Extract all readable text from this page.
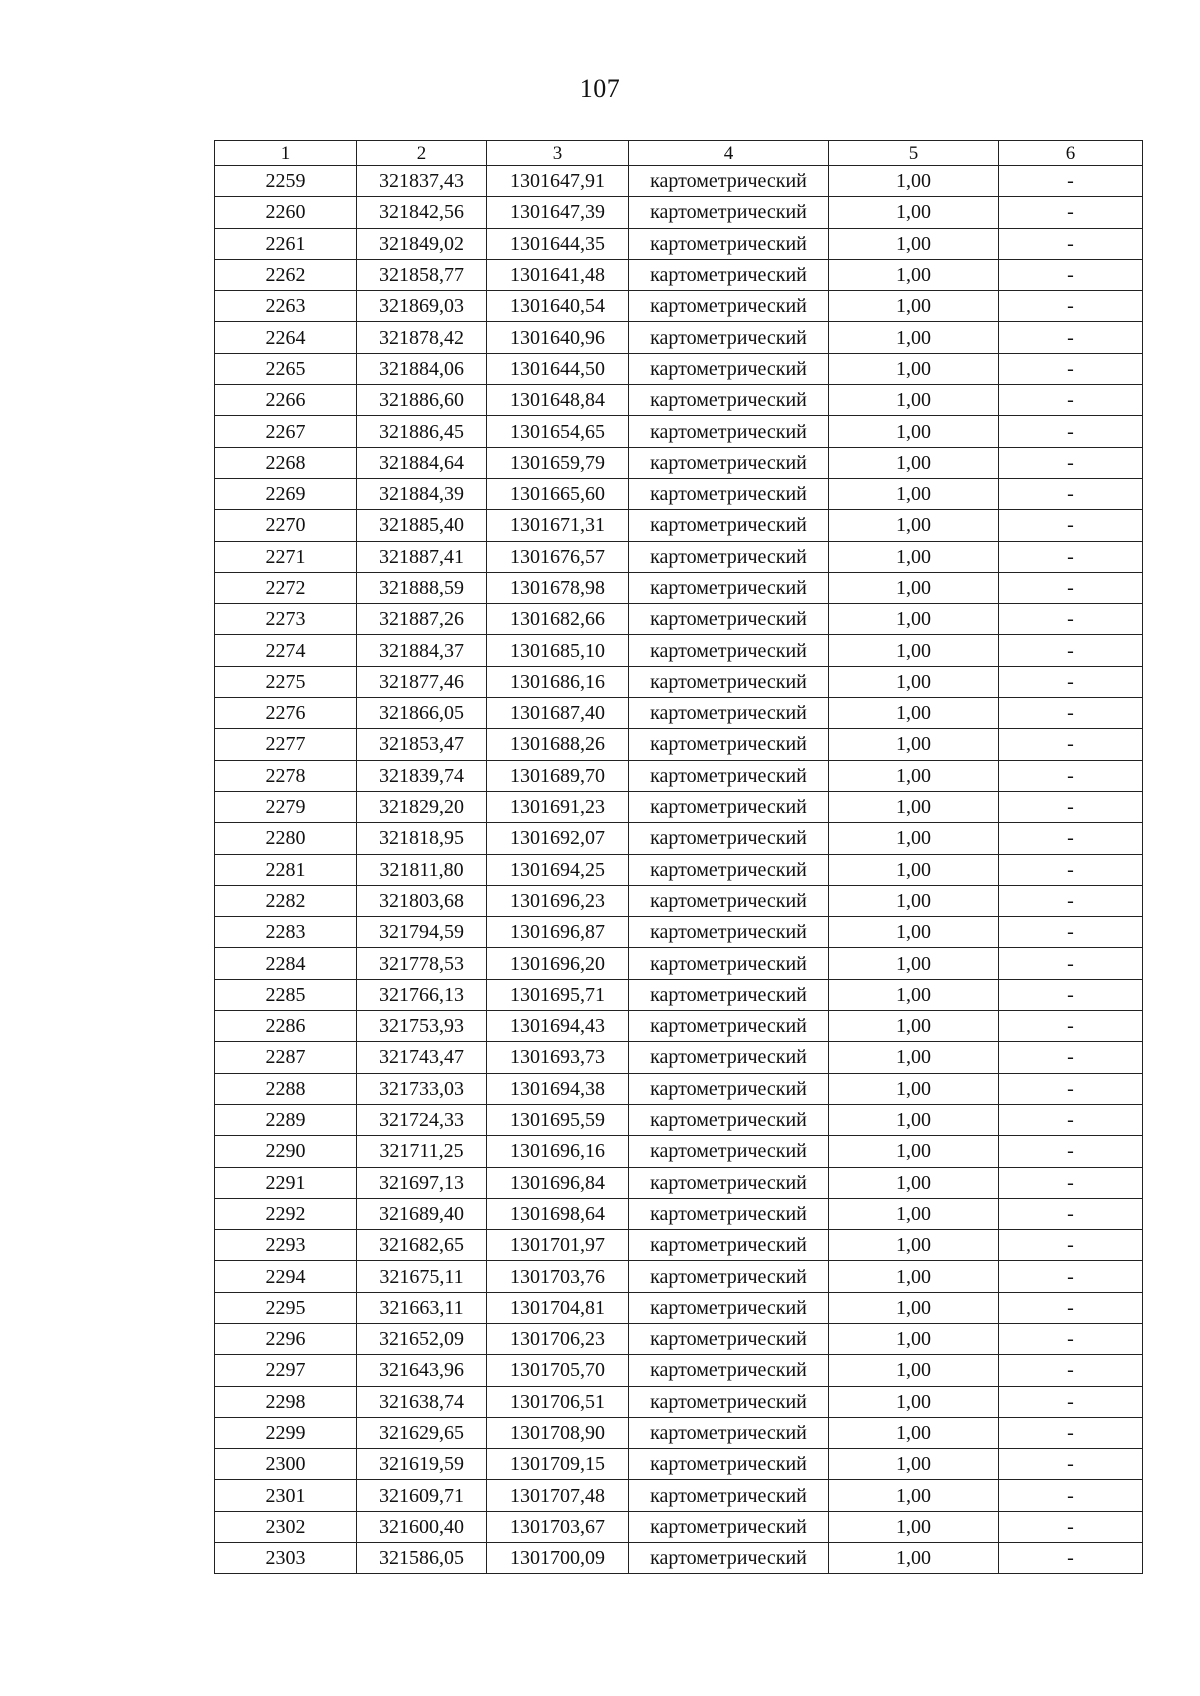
107
1	2	3	4	5	6
2259	321837,43	1301647,91	картометрический	1,00	-
2260	321842,56	1301647,39	картометрический	1,00	-
2261	321849,02	1301644,35	картометрический	1,00	-
2262	321858,77	1301641,48	картометрический	1,00	-
2263	321869,03	1301640,54	картометрический	1,00	-
2264	321878,42	1301640,96	картометрический	1,00	-
2265	321884,06	1301644,50	картометрический	1,00	-
2266	321886,60	1301648,84	картометрический	1,00	-
2267	321886,45	1301654,65	картометрический	1,00	-
2268	321884,64	1301659,79	картометрический	1,00	-
2269	321884,39	1301665,60	картометрический	1,00	-
2270	321885,40	1301671,31	картометрический	1,00	-
2271	321887,41	1301676,57	картометрический	1,00	-
2272	321888,59	1301678,98	картометрический	1,00	-
2273	321887,26	1301682,66	картометрический	1,00	-
2274	321884,37	1301685,10	картометрический	1,00	-
2275	321877,46	1301686,16	картометрический	1,00	-
2276	321866,05	1301687,40	картометрический	1,00	-
2277	321853,47	1301688,26	картометрический	1,00	-
2278	321839,74	1301689,70	картометрический	1,00	-
2279	321829,20	1301691,23	картометрический	1,00	-
2280	321818,95	1301692,07	картометрический	1,00	-
2281	321811,80	1301694,25	картометрический	1,00	-
2282	321803,68	1301696,23	картометрический	1,00	-
2283	321794,59	1301696,87	картометрический	1,00	-
2284	321778,53	1301696,20	картометрический	1,00	-
2285	321766,13	1301695,71	картометрический	1,00	-
2286	321753,93	1301694,43	картометрический	1,00	-
2287	321743,47	1301693,73	картометрический	1,00	-
2288	321733,03	1301694,38	картометрический	1,00	-
2289	321724,33	1301695,59	картометрический	1,00	-
2290	321711,25	1301696,16	картометрический	1,00	-
2291	321697,13	1301696,84	картометрический	1,00	-
2292	321689,40	1301698,64	картометрический	1,00	-
2293	321682,65	1301701,97	картометрический	1,00	-
2294	321675,11	1301703,76	картометрический	1,00	-
2295	321663,11	1301704,81	картометрический	1,00	-
2296	321652,09	1301706,23	картометрический	1,00	-
2297	321643,96	1301705,70	картометрический	1,00	-
2298	321638,74	1301706,51	картометрический	1,00	-
2299	321629,65	1301708,90	картометрический	1,00	-
2300	321619,59	1301709,15	картометрический	1,00	-
2301	321609,71	1301707,48	картометрический	1,00	-
2302	321600,40	1301703,67	картометрический	1,00	-
2303	321586,05	1301700,09	картометрический	1,00	-
